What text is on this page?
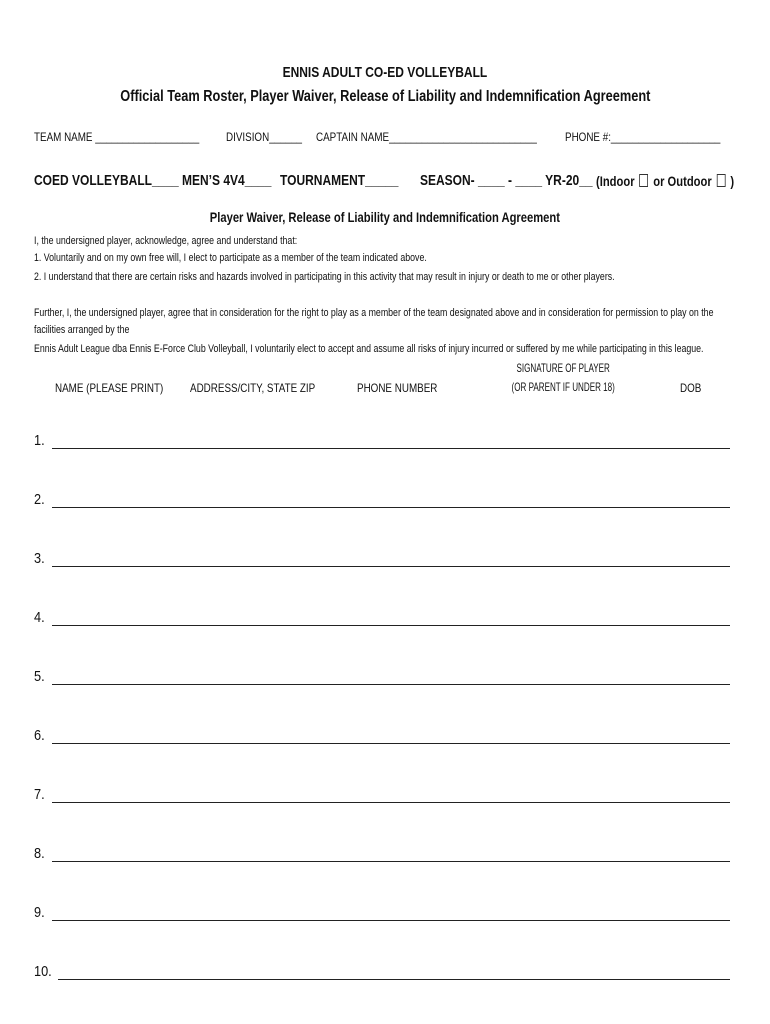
ENNIS ADULT CO-ED VOLLEYBALL
Official Team Roster, Player Waiver, Release of Liability and Indemnification Agreement
TEAM NAME ___________________ DIVISION______ CAPTAIN NAME___________________________ PHONE #:____________________
COED VOLLEYBALL____ MEN’S 4V4____ TOURNAMENT_____ SEASON- ____ - ____ YR-20__ (Indoor or Outdoor )
Player Waiver, Release of Liability and Indemnification Agreement
I, the undersigned player, acknowledge, agree and understand that:
1. Voluntarily and on my own free will, I elect to participate as a member of the team indicated above.
2. I understand that there are certain risks and hazards involved in participating in this activity that may result in injury or death to me or other players.
Further, I, the undersigned player, agree that in consideration for the right to play as a member of the team designated above and in consideration for permission to play on the
facilities arranged by the
Ennis Adult League dba Ennis E-Force Club Volleyball, I voluntarily elect to accept and assume all risks of injury incurred or suffered by me while participating in this league.
NAME (PLEASE PRINT) ADDRESS/CITY, STATE ZIP	PHONE NUMBER
SIGNATURE OF PLAYER
(OR PARENT IF UNDER 18)	DOB
1.
2.
3.
4.
5.
6.
7.
8.
9.
10.
